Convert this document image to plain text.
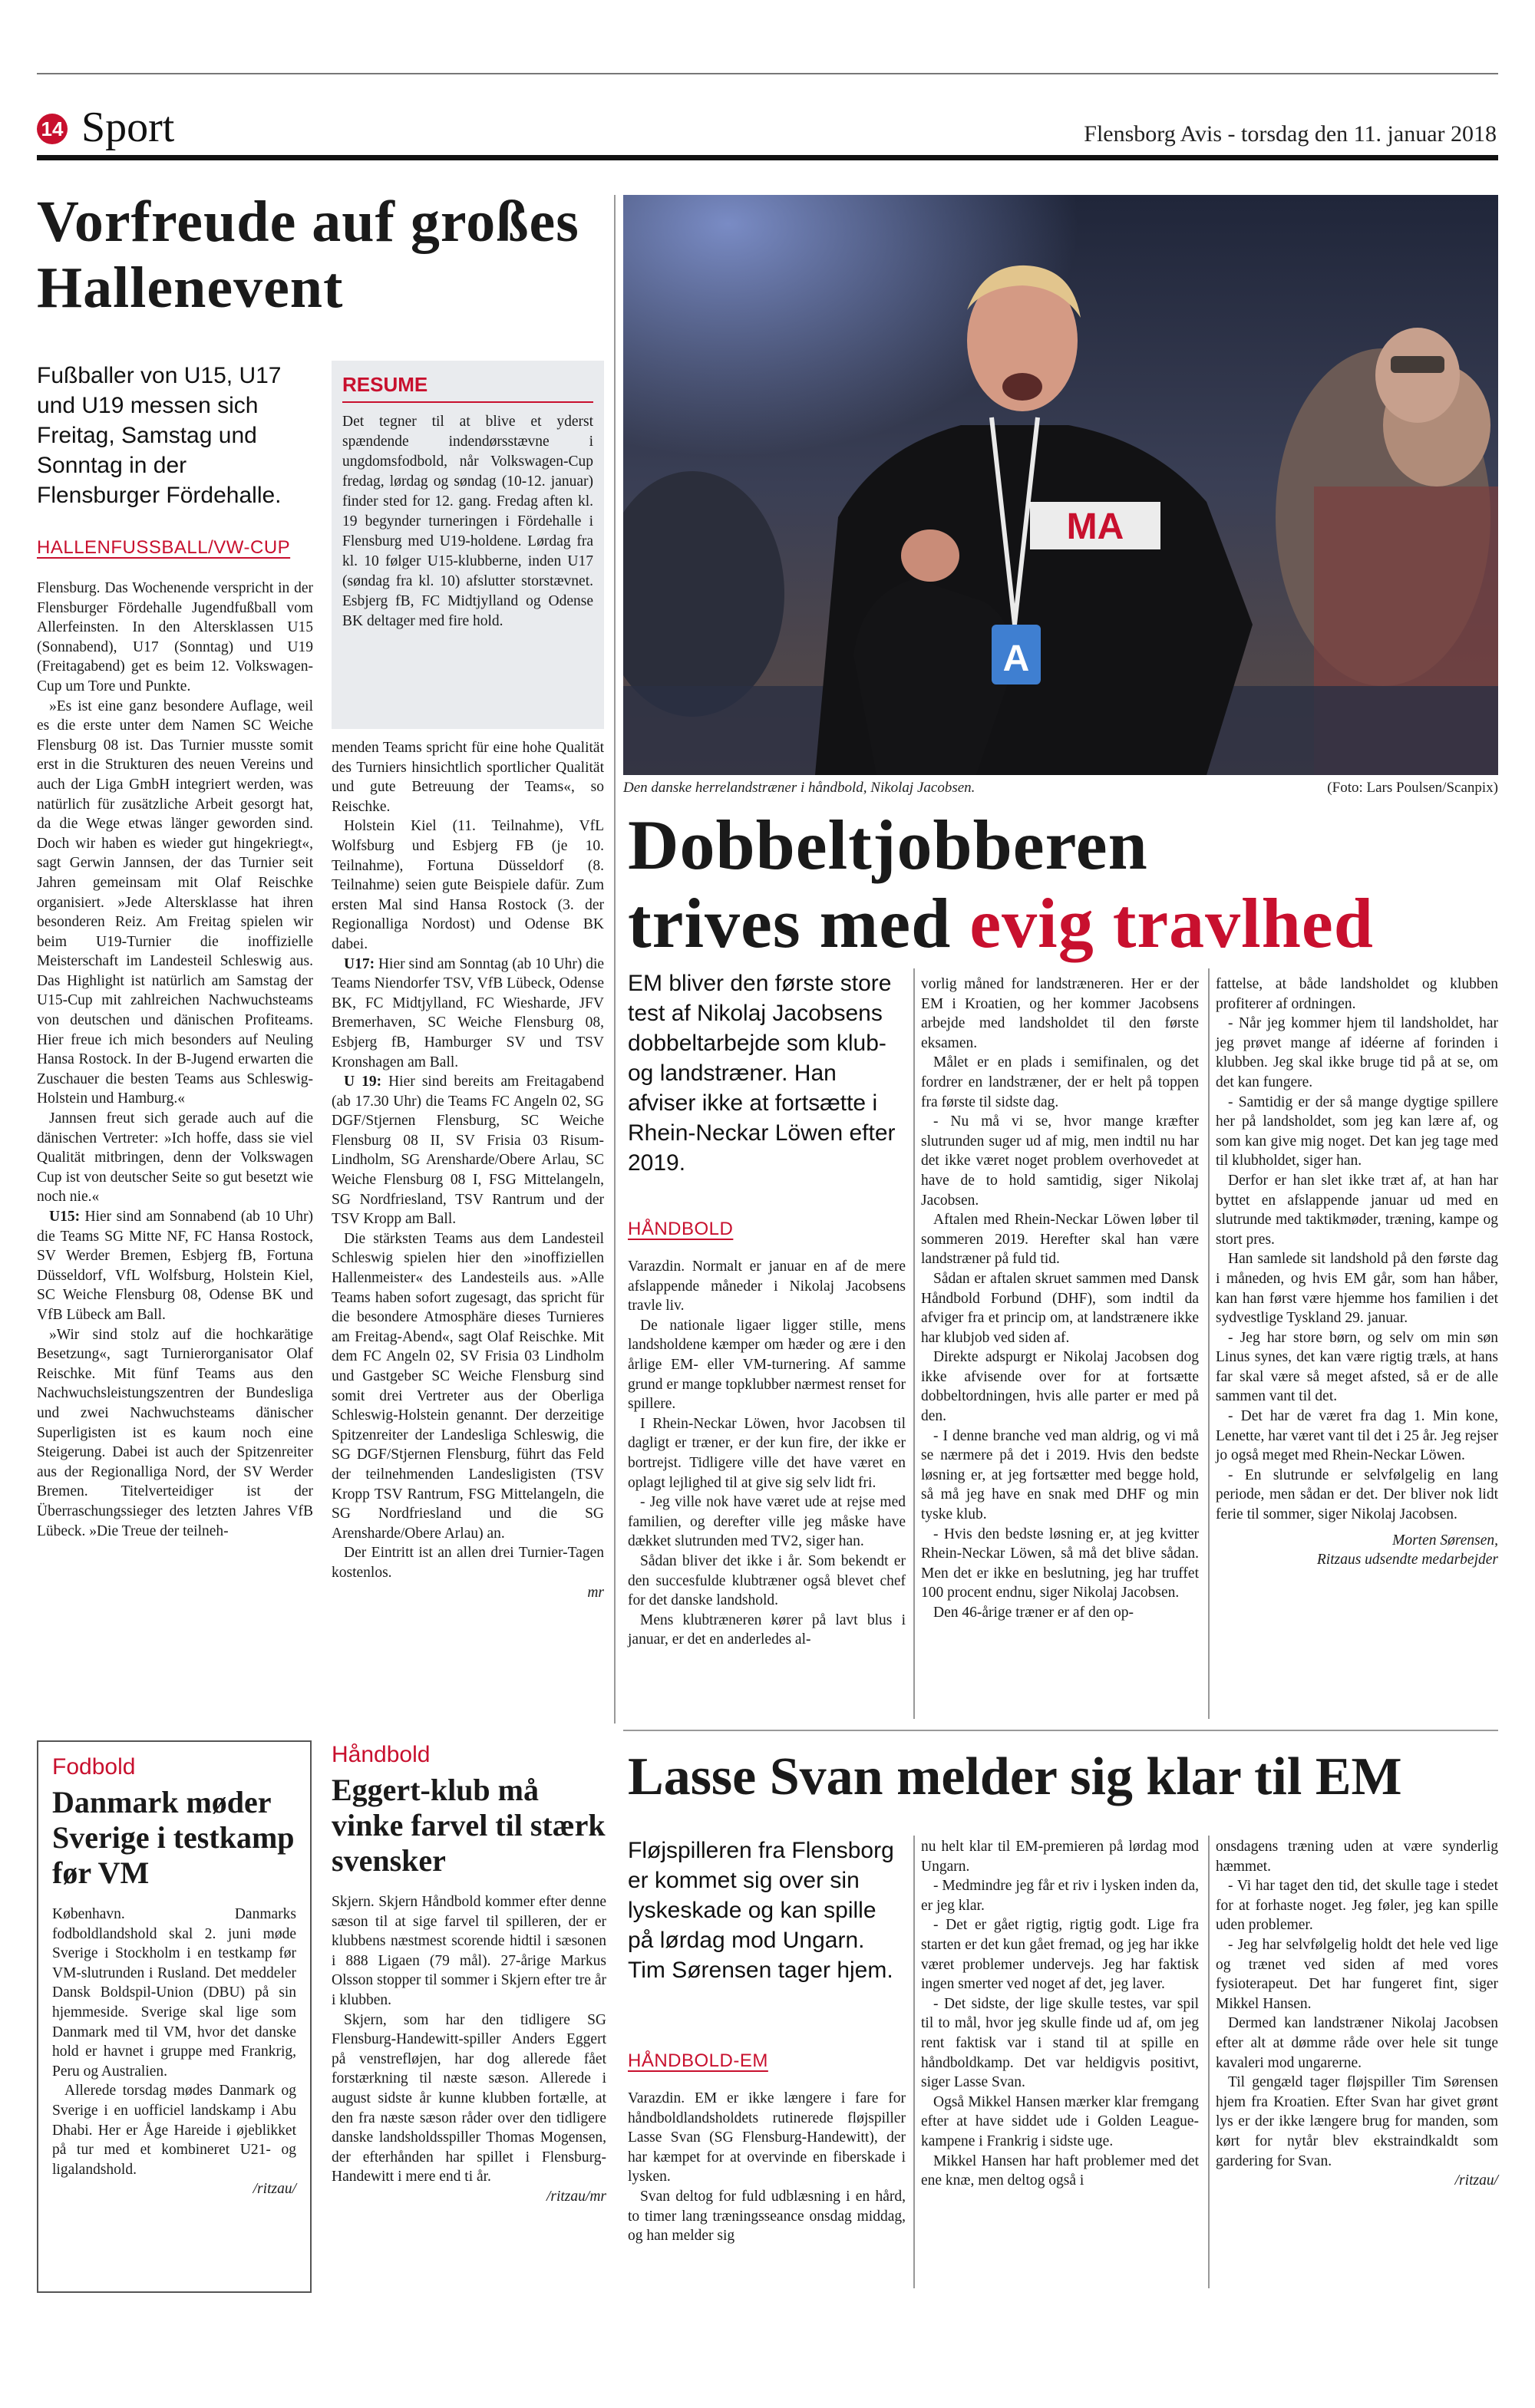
14 Sport	Flensborg Avis - torsdag den 11. januar 2018
Vorfreude auf großes Hallenevent
Fußballer von U15, U17 und U19 messen sich Freitag, Samstag und Sonntag in der Flensburger Fördehalle.
HALLENFUSSBALL/VW-CUP
RESUME
Det tegner til at blive et yderst spændende indendørsstævne i ungdomsfodbold, når Volkswagen-Cup fredag, lørdag og søndag (10-12. januar) finder sted for 12. gang. Fredag aften kl. 19 begynder turneringen i Fördehalle i Flensburg med U19-holdene. Lørdag fra kl. 10 følger U15-klubberne, inden U17 (søndag fra kl. 10) afslutter storstævnet. Esbjerg fB, FC Midtjylland og Odense BK deltager med fire hold.

Flensburg. Das Wochenende verspricht in der Flensburger Fördehalle Jugendfußball vom Allerfeinsten. In den Altersklassen U15 (Sonnabend), U17 (Sonntag) und U19 (Freitagabend) get es beim 12. Volkswagen-Cup um Tore und Punkte.

»Es ist eine ganz besondere Auflage, weil es die erste unter dem Namen SC Weiche Flensburg 08 ist. Das Turnier musste somit erst in die Strukturen des neuen Vereins und auch der Liga GmbH integriert werden, was natürlich für zusätzliche Arbeit gesorgt hat, da die Wege etwas länger geworden sind. Doch wir haben es wieder gut hingekriegt«, sagt Gerwin Jannsen, der das Turnier seit Jahren gemeinsam mit Olaf Reischke organisiert. »Jede Altersklasse hat ihren besonderen Reiz. Am Freitag spielen wir beim U19-Turnier die inoffizielle Meisterschaft im Landesteil Schleswig aus. Das Highlight ist natürlich am Samstag der U15-Cup mit zahlreichen Nachwuchsteams von deutschen und dänischen Profiteams. Hier freue ich mich besonders auf Neuling Hansa Rostock. In der B-Jugend erwarten die Zuschauer die besten Teams aus Schleswig-Holstein und Hamburg.«

Jannsen freut sich gerade auch auf die dänischen Vertreter: »Ich hoffe, dass sie viel Qualität mitbringen, denn der Volkswagen Cup ist von deutscher Seite so gut besetzt wie noch nie.«

U15: Hier sind am Sonnabend (ab 10 Uhr) die Teams SG Mitte NF, FC Hansa Rostock, SV Werder Bremen, Esbjerg fB, Fortuna Düsseldorf, VfL Wolfsburg, Holstein Kiel, SC Weiche Flensburg 08, Odense BK und VfB Lübeck am Ball.

»Wir sind stolz auf die hochkarätige Besetzung«, sagt Turnierorganisator Olaf Reischke. Mit fünf Teams aus den Nachwuchsleistungszentren der Bundesliga und zwei Nachwuchsteams dänischer Superligisten ist es kaum noch eine Steigerung. Dabei ist auch der Spitzenreiter aus der Regionalliga Nord, der SV Werder Bremen. Titelverteidiger ist der Überraschungssieger des letzten Jahres VfB Lübeck. »Die Treue der teilneh-

menden Teams spricht für eine hohe Qualität des Turniers hinsichtlich sportlicher Qualität und gute Betreuung der Teams«, so Reischke.

Holstein Kiel (11. Teilnahme), VfL Wolfsburg und Esbjerg FB (je 10. Teilnahme), Fortuna Düsseldorf (8. Teilnahme) seien gute Beispiele dafür. Zum ersten Mal sind Hansa Rostock (3. der Regionalliga Nordost) und Odense BK dabei.

U17: Hier sind am Sonntag (ab 10 Uhr) die Teams Niendorfer TSV, VfB Lübeck, Odense BK, FC Midtjylland, FC Wiesharde, JFV Bremerhaven, SC Weiche Flensburg 08, Esbjerg fB, Hamburger SV und TSV Kronshagen am Ball.

U 19: Hier sind bereits am Freitagabend (ab 17.30 Uhr) die Teams FC Angeln 02, SG DGF/Stjernen Flensburg, SC Weiche Flensburg 08 II, SV Frisia 03 Risum-Lindholm, SG Arensharde/Obere Arlau, SC Weiche Flensburg 08 I, FSG Mittelangeln, SG Nordfriesland, TSV Rantrum und der TSV Kropp am Ball.

Die stärksten Teams aus dem Landesteil Schleswig spielen hier den »inoffiziellen Hallenmeister« des Landesteils aus. »Alle Teams haben sofort zugesagt, das spricht für die besondere Atmosphäre dieses Turnieres am Freitag-Abend«, sagt Olaf Reischke. Mit dem FC Angeln 02, SV Frisia 03 Lindholm und Gastgeber SC Weiche Flensburg sind somit drei Vertreter aus der Oberliga Schleswig-Holstein genannt. Der derzeitige Spitzenreiter der Landesliga Schleswig, die SG DGF/Stjernen Flensburg, führt das Feld der teilnehmenden Landesligisten (TSV Kropp TSV Rantrum, FSG Mittelangeln, die SG Nordfriesland und die SG Arensharde/Obere Arlau) an.

Der Eintritt ist an allen drei Turnier-Tagen kostenlos.

mr
A
MA
Den danske herrelandstræner i håndbold, Nikolaj Jacobsen.	(Foto: Lars Poulsen/Scanpix)
Dobbeltjobberen
trives med evig travlhed
EM bliver den første store test af Nikolaj Jacobsens dobbeltarbejde som klub- og landstræner. Han afviser ikke at fortsætte i Rhein-Neckar Löwen efter 2019.
HÅNDBOLD

Varazdin. Normalt er januar en af de mere afslappende måneder i Nikolaj Jacobsens travle liv.

De nationale ligaer ligger stille, mens landsholdene kæmper om hæder og ære i den årlige EM- eller VM-turnering. Af samme grund er mange topklubber nærmest renset for spillere.

I Rhein-Neckar Löwen, hvor Jacobsen til dagligt er træner, er der kun fire, der ikke er bortrejst. Tidligere ville det have været en oplagt lejlighed til at give sig selv lidt fri.

- Jeg ville nok have været ude at rejse med familien, og derefter ville jeg måske have dækket slutrunden med TV2, siger han.

Sådan bliver det ikke i år. Som bekendt er den succesfulde klubtræner også blevet chef for det danske landshold.

Mens klubtræneren kører på lavt blus i januar, er det en anderledes al-

vorlig måned for landstræneren. Her er der EM i Kroatien, og her kommer Jacobsens arbejde med landsholdet til den første eksamen.

Målet er en plads i semifinalen, og det fordrer en landstræner, der er helt på toppen fra første til sidste dag.

- Nu må vi se, hvor mange kræfter slutrunden suger ud af mig, men indtil nu har det ikke været noget problem overhovedet at have de to hold samtidig, siger Nikolaj Jacobsen.

Aftalen med Rhein-Neckar Löwen løber til sommeren 2019. Herefter skal han være landstræner på fuld tid.

Sådan er aftalen skruet sammen med Dansk Håndbold Forbund (DHF), som indtil da afviger fra et princip om, at landstrænere ikke har klubjob ved siden af.

Direkte adspurgt er Nikolaj Jacobsen dog ikke afvisende over for at fortsætte dobbeltordningen, hvis alle parter er med på den.

- I denne branche ved man aldrig, og vi må se nærmere på det i 2019. Hvis den bedste løsning er, at jeg fortsætter med begge hold, så må jeg have en snak med DHF og min tyske klub.

- Hvis den bedste løsning er, at jeg kvitter Rhein-Neckar Löwen, så må det blive sådan. Men det er ikke en beslutning, jeg har truffet 100 procent endnu, siger Nikolaj Jacobsen.

Den 46-årige træner er af den op-

fattelse, at både landsholdet og klubben profiterer af ordningen.

- Når jeg kommer hjem til landsholdet, har jeg prøvet mange af idéerne af forinden i klubben. Jeg skal ikke bruge tid på at se, om det kan fungere.

- Samtidig er der så mange dygtige spillere her på landsholdet, som jeg kan lære af, og som kan give mig noget. Det kan jeg tage med til klubholdet, siger han.

Derfor er han slet ikke træt af, at han har byttet en afslappende januar ud med en slutrunde med taktikmøder, træning, kampe og stort pres.

Han samlede sit landshold på den første dag i måneden, og hvis EM går, som han håber, kan han først være hjemme hos familien i det sydvestlige Tyskland 29. januar.

- Jeg har store børn, og selv om min søn Linus synes, det kan være rigtig træls, at hans far skal være så meget afsted, så er de alle sammen vant til det.

- Det har de været fra dag 1. Min kone, Lenette, har været vant til det i 25 år. Jeg rejser jo også meget med Rhein-Neckar Löwen.

- En slutrunde er selvfølgelig en lang periode, men sådan er det. Der bliver nok lidt ferie til sommer, siger Nikolaj Jacobsen.

Morten Sørensen,
Ritzaus udsendte medarbejder
Lasse Svan melder sig klar til EM
Fløjspilleren fra Flensborg er kommet sig over sin lyskeskade og kan spille på lørdag mod Ungarn. Tim Sørensen tager hjem.
HÅNDBOLD-EM

Varazdin. EM er ikke længere i fare for håndboldlandsholdets rutinerede fløjspiller Lasse Svan (SG Flensburg-Handewitt), der har kæmpet for at overvinde en fiberskade i lysken.

Svan deltog for fuld udblæsning i en hård, to timer lang træningsseance onsdag middag, og han melder sig

nu helt klar til EM-premieren på lørdag mod Ungarn.

- Medmindre jeg får et riv i lysken inden da, er jeg klar.

- Det er gået rigtig, rigtig godt. Lige fra starten er det kun gået fremad, og jeg har ikke været problemer undervejs. Jeg har faktisk ingen smerter ved noget af det, jeg laver.

- Det sidste, der lige skulle testes, var spil til to mål, hvor jeg skulle finde ud af, om jeg rent faktisk var i stand til at spille en håndboldkamp. Det var heldigvis positivt, siger Lasse Svan.

Også Mikkel Hansen mærker klar fremgang efter at have siddet ude i Golden League-kampene i Frankrig i sidste uge.

Mikkel Hansen har haft problemer med det ene knæ, men deltog også i

onsdagens træning uden at være synderlig hæmmet.

- Vi har taget den tid, det skulle tage i stedet for at forhaste noget. Jeg føler, jeg kan spille uden problemer.

- Jeg har selvfølgelig holdt det hele ved lige og trænet ved siden af med vores fysioterapeut. Det har fungeret fint, siger Mikkel Hansen.

Dermed kan landstræner Nikolaj Jacobsen efter alt at dømme råde over hele sit tunge kavaleri mod ungarerne.

Til gengæld tager fløjspiller Tim Sørensen hjem fra Kroatien. Efter Svan har givet grønt lys er der ikke længere brug for manden, som kørt for nytår blev ekstraindkaldt som gardering for Svan.

/ritzau/
Fodbold
Danmark møder Sverige i testkamp før VM

København. Danmarks fodboldlandshold skal 2. juni møde Sverige i Stockholm i en testkamp før VM-slutrunden i Rusland. Det meddeler Dansk Boldspil-Union (DBU) på sin hjemmeside. Sverige skal lige som Danmark med til VM, hvor det danske hold er havnet i gruppe med Frankrig, Peru og Australien.

Allerede torsdag mødes Danmark og Sverige i en uofficiel landskamp i Abu Dhabi. Her er Åge Hareide i øjeblikket på tur med et kombineret U21- og ligalandshold.

/ritzau/
Håndbold
Eggert-klub må vinke farvel til stærk svensker

Skjern. Skjern Håndbold kommer efter denne sæson til at sige farvel til spilleren, der er klubbens næstmest scorende hidtil i sæsonen i 888 Ligaen (79 mål). 27-årige Markus Olsson stopper til sommer i Skjern efter tre år i klubben.

Skjern, som har den tidligere SG Flensburg-Handewitt-spiller Anders Eggert på venstrefløjen, har dog allerede fået forstærkning til næste sæson. Allerede i august sidste år kunne klubben fortælle, at den fra næste sæson råder over den tidligere danske landsholdsspiller Thomas Mogensen, der efterhånden har spillet i Flensburg-Handewitt i mere end ti år.

/ritzau/mr
